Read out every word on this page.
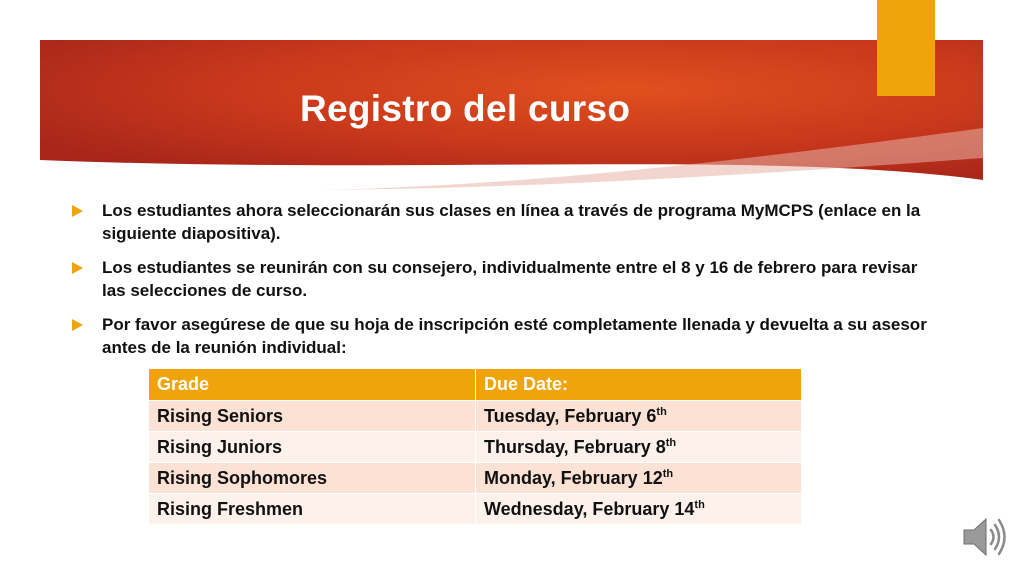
Registro del curso
Los estudiantes ahora seleccionarán sus clases en línea a través de programa MyMCPS (enlace en la siguiente diapositiva).
Los estudiantes se reunirán con su consejero, individualmente entre el 8 y 16 de febrero para revisar las selecciones de curso.
Por favor asegúrese de que su hoja de inscripción esté completamente llenada y devuelta a su asesor antes de la reunión individual:
Grade	Due Date:
Rising Seniors	Tuesday, February 6th
Rising Juniors	Thursday, February 8th
Rising Sophomores	Monday, February 12th
Rising Freshmen	Wednesday, February 14th
